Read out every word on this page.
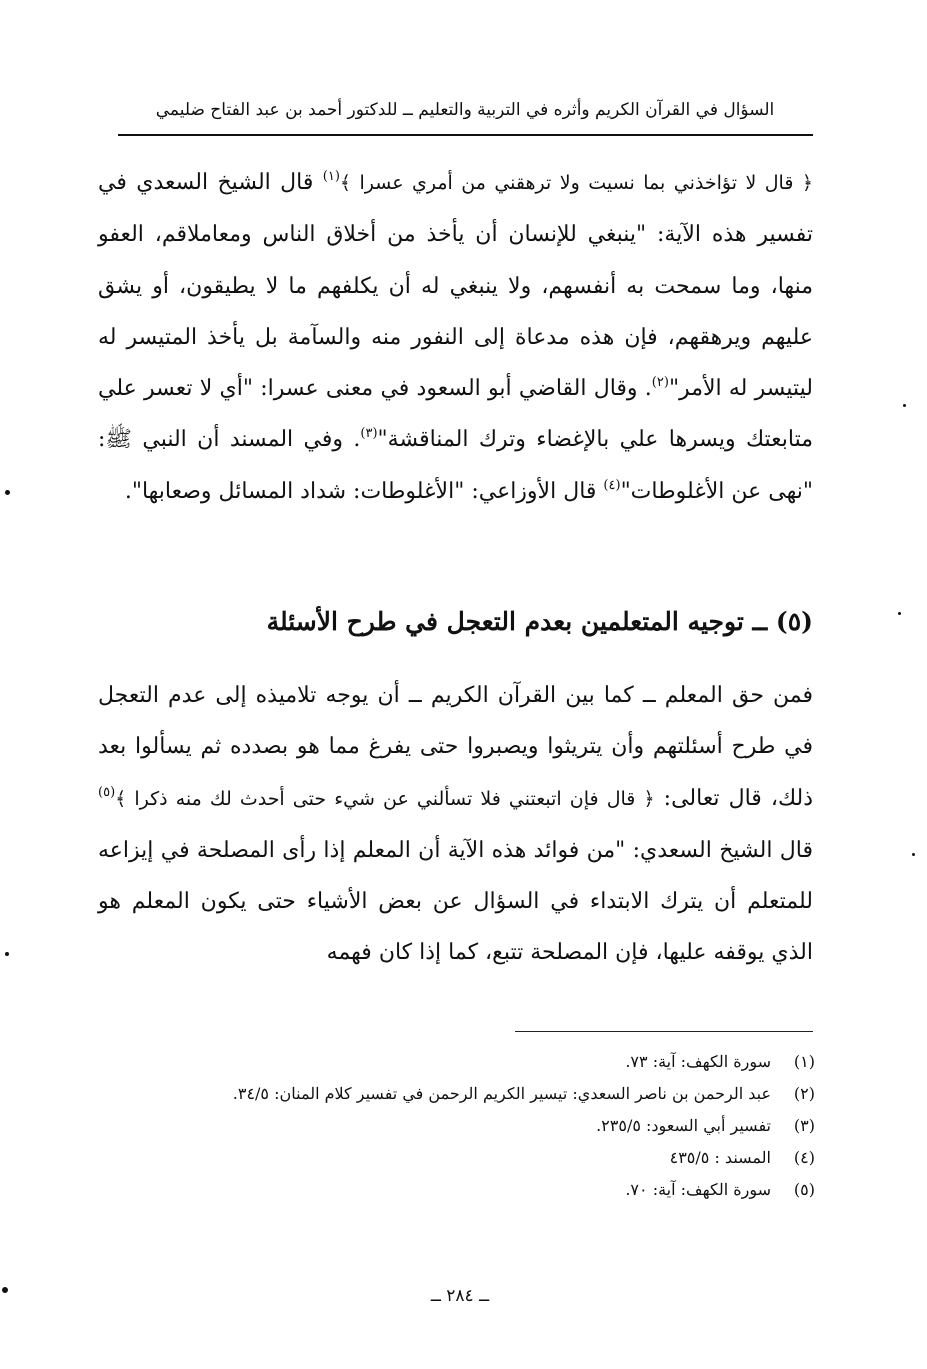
السؤال في القرآن الكريم وأثره في التربية والتعليم ــ للدكتور أحمد بن عبد الفتاح ضليمي

﴿ قال لا تؤاخذني بما نسيت ولا ترهقني من أمري عسرا ﴾$^{(١)}$ قال الشيخ السعدي في تفسير هذه الآية: "ينبغي للإنسان أن يأخذ من أخلاق الناس ومعاملاقم، العفو منها، وما سمحت به أنفسهم، ولا ينبغي له أن يكلفهم ما لا يطيقون، أو يشق عليهم ويرهقهم، فإن هذه مدعاة إلى النفور منه والسآمة بل يأخذ المتيسر له ليتيسر له الأمر"$^{(٢)}$. وقال القاضي أبو السعود في معنى عسرا: "أي لا تعسر علي متابعتك ويسرها علي بالإغضاء وترك المناقشة"$^{(٣)}$. وفي المسند أن النبي ﷺ: "نهى عن الأغلوطات"$^{(٤)}$ قال الأوزاعي: "الأغلوطات: شداد المسائل وصعابها".

(٥) ــ توجيه المتعلمين بعدم التعجل في طرح الأسئلة

فمن حق المعلم ــ كما بين القرآن الكريم ــ أن يوجه تلاميذه إلى عدم التعجل في طرح أسئلتهم وأن يتريثوا ويصبروا حتى يفرغ مما هو بصدده ثم يسألوا بعد ذلك، قال تعالى: ﴿ قال فإن اتبعتني فلا تسألني عن شيء حتى أحدث لك منه ذكرا ﴾$^{(٥)}$ قال الشيخ السعدي: "من فوائد هذه الآية أن المعلم إذا رأى المصلحة في إيزاعه للمتعلم أن يترك الابتداء في السؤال عن بعض الأشياء حتى يكون المعلم هو الذي يوقفه عليها، فإن المصلحة تتبع، كما إذا كان فهمه

(١)سورة الكهف: آية: ٧٣.
(٢)عبد الرحمن بن ناصر السعدي: تيسير الكريم الرحمن في تفسير كلام المنان: ٣٤/٥.
(٣)تفسير أبي السعود: ٢٣٥/٥.
(٤)المسند : ٤٣٥/٥
(٥)سورة الكهف: آية: ٧٠.
ــ ٢٨٤ ــ
